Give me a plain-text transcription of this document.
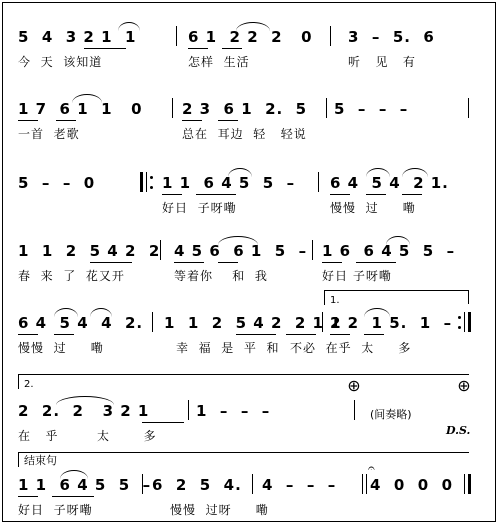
5  4  3 2 1  1	6 1  2 2  2   0 3  –  5.  6
今  天  该知道	怎样  生活	听   见   有
1 7  6 1  1   0	2 3  6 1  2.  5 5  –  –  –
一首  老歌	总在  耳边  轻   轻说
5  –  –  0	1 1  6 4 5  5  – 6 4  5 4  2 1.
好日  子呀嘞	慢慢  过     嘞
1  1  2  5 4 2  2 4 5 6  6 1  5  – 1 6  6 4 5  5  –
春  来  了  花又开	等着你    和  我	好日 子呀嘞
1.
6 4  5 4  4  2. 1  1  2  5 4 2  2 1 1
2 2  1 5.  1  –
慢慢  过     嘞	幸  福  是  平  和 不必  在乎  太     多
2.
2  2.  2   3 2 1	1  –  –  –
⊕	⊕
(间奏略)
D.S.
在   乎        太       多
结束句
1 1  6 4 5  5  – 6  2  5  4. 4  –  –  – 4  0  0  0
𝄐
好日  子呀嘞	慢慢  过呀     嘞
